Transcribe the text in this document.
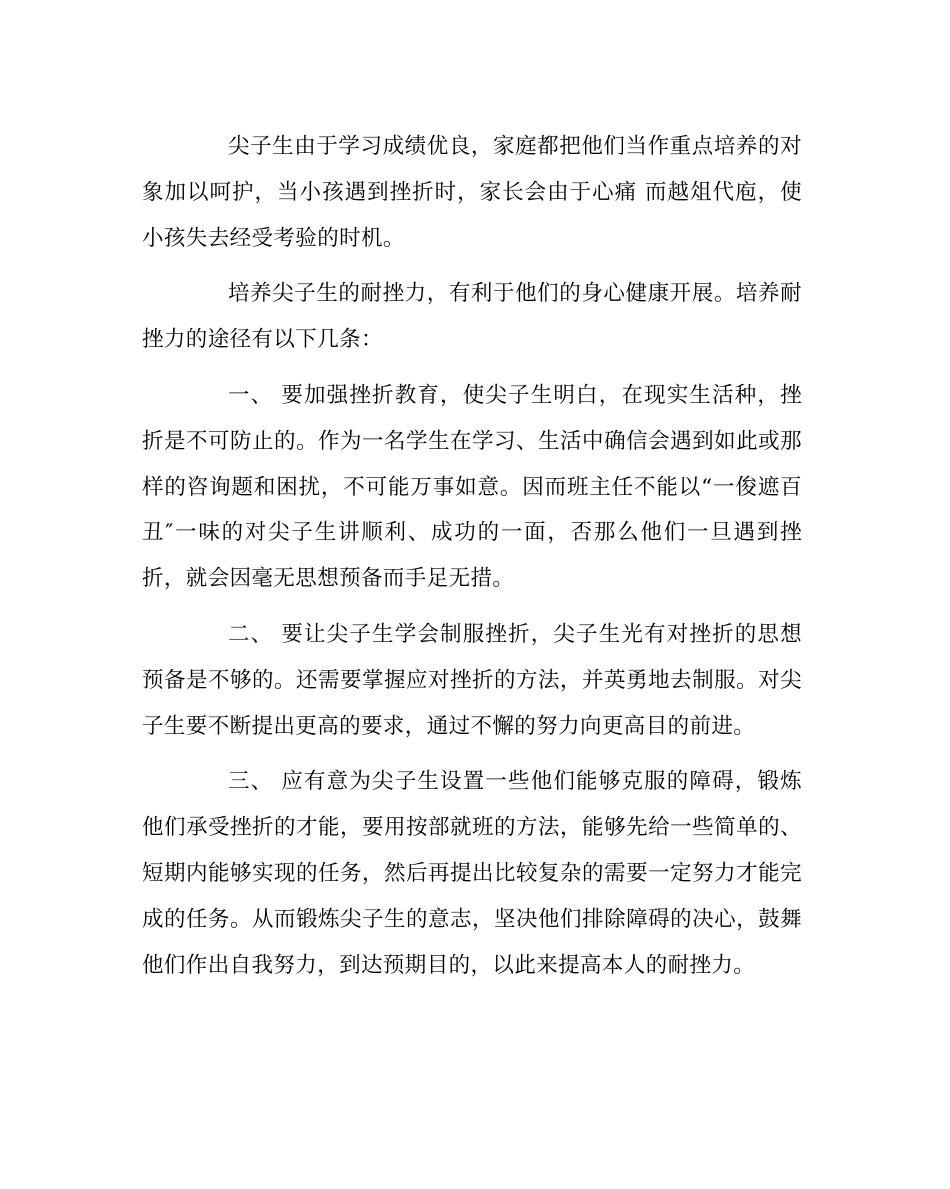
尖子生由于学习成绩优良，家庭都把他们当作重点培养的对象加以呵护，当小孩遇到挫折时，家长会由于心痛 而越俎代庖，使小孩失去经受考验的时机。

培养尖子生的耐挫力，有利于他们的身心健康开展。培养耐挫力的途径有以下几条：

一、 要加强挫折教育，使尖子生明白，在现实生活种，挫折是不可防止的。作为一名学生在学习、生活中确信会遇到如此或那样的咨询题和困扰，不可能万事如意。因而班主任不能以“一俊遮百丑″一味的对尖子生讲顺利、成功的一面，否那么他们一旦遇到挫折，就会因毫无思想预备而手足无措。

二、 要让尖子生学会制服挫折，尖子生光有对挫折的思想预备是不够的。还需要掌握应对挫折的方法，并英勇地去制服。对尖子生要不断提出更高的要求，通过不懈的努力向更高目的前进。

三、 应有意为尖子生设置一些他们能够克服的障碍，锻炼他们承受挫折的才能，要用按部就班的方法，能够先给一些简单的、短期内能够实现的任务，然后再提出比较复杂的需要一定努力才能完成的任务。从而锻炼尖子生的意志，坚决他们排除障碍的决心，鼓舞他们作出自我努力，到达预期目的，以此来提高本人的耐挫力。
